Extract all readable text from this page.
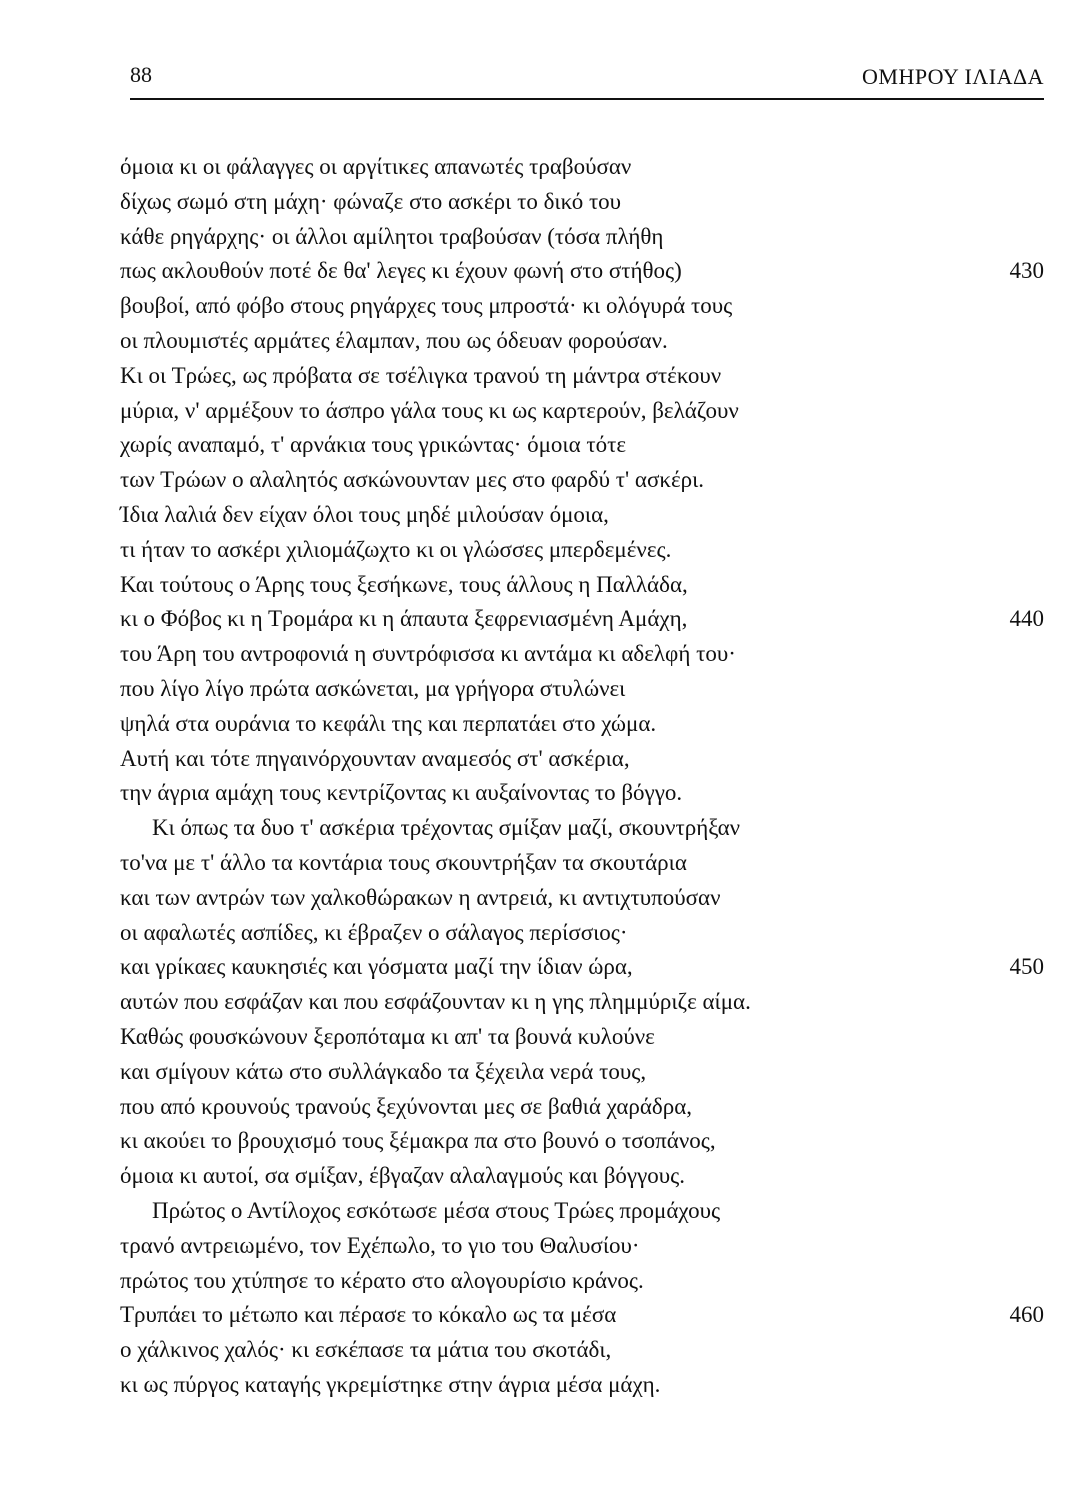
88	ΟΜΗΡΟΥ ΙΛΙΑΔΑ
όμοια κι οι φάλαγγες οι αργίτικες απανωτές τραβούσαν
δίχως σωμό στη μάχη· φώναζε στο ασκέρι το δικό του
κάθε ρηγάρχης· οι άλλοι αμίλητοι τραβούσαν (τόσα πλήθη
πως ακλουθούν ποτέ δε θα' λεγες κι έχουν φωνή στο στήθος)	430
βουβοί, από φόβο στους ρηγάρχες τους μπροστά· κι ολόγυρά τους
οι πλουμιστές αρμάτες έλαμπαν, που ως όδευαν φορούσαν.
Κι οι Τρώες, ως πρόβατα σε τσέλιγκα τρανού τη μάντρα στέκουν
μύρια, ν' αρμέξουν το άσπρο γάλα τους κι ως καρτερούν, βελάζουν
χωρίς αναπαμό, τ' αρνάκια τους γρικώντας· όμοια τότε
των Τρώων ο αλαλητός ασκώνουνταν μες στο φαρδύ τ' ασκέρι.
Ίδια λαλιά δεν είχαν όλοι τους μηδέ μιλούσαν όμοια,
τι ήταν το ασκέρι χιλιομάζωχτο κι οι γλώσσες μπερδεμένες.
Και τούτους ο Άρης τους ξεσήκωνε, τους άλλους η Παλλάδα,
κι ο Φόβος κι η Τρομάρα κι η άπαυτα ξεφρενιασμένη Αμάχη,	440
του Άρη του αντροφονιά η συντρόφισσα κι αντάμα κι αδελφή του·
που λίγο λίγο πρώτα ασκώνεται, μα γρήγορα στυλώνει
ψηλά στα ουράνια το κεφάλι της και περπατάει στο χώμα.
Αυτή και τότε πηγαινόρχουνταν αναμεσός στ' ασκέρια,
την άγρια αμάχη τους κεντρίζοντας κι αυξαίνοντας το βόγγο.
Κι όπως τα δυο τ' ασκέρια τρέχοντας σμίξαν μαζί, σκουντρήξαν
το'να με τ' άλλο τα κοντάρια τους σκουντρήξαν τα σκουτάρια
και των αντρών των χαλκοθώρακων η αντρειά, κι αντιχτυπούσαν
οι αφαλωτές ασπίδες, κι έβραζεν ο σάλαγος περίσσιος·
και γρίκαες καυκησιές και γόσματα μαζί την ίδιαν ώρα,	450
αυτών που εσφάζαν και που εσφάζουνταν κι η γης πλημμύριζε αίμα.
Καθώς φουσκώνουν ξεροπόταμα κι απ' τα βουνά κυλούνε
και σμίγουν κάτω στο συλλάγκαδο τα ξέχειλα νερά τους,
που από κρουνούς τρανούς ξεχύνονται μες σε βαθιά χαράδρα,
κι ακούει το βρουχισμό τους ξέμακρα πα στο βουνό ο τσοπάνος,
όμοια κι αυτοί, σα σμίξαν, έβγαζαν αλαλαγμούς και βόγγους.
Πρώτος ο Αντίλοχος εσκότωσε μέσα στους Τρώες προμάχους
τρανό αντρειωμένο, τον Εχέπωλο, το γιο του Θαλυσίου·
πρώτος του χτύπησε το κέρατο στο αλογουρίσιο κράνος.
Τρυπάει το μέτωπο και πέρασε το κόκαλο ως τα μέσα	460
ο χάλκινος χαλός· κι εσκέπασε τα μάτια του σκοτάδι,
κι ως πύργος καταγής γκρεμίστηκε στην άγρια μέσα μάχη.
